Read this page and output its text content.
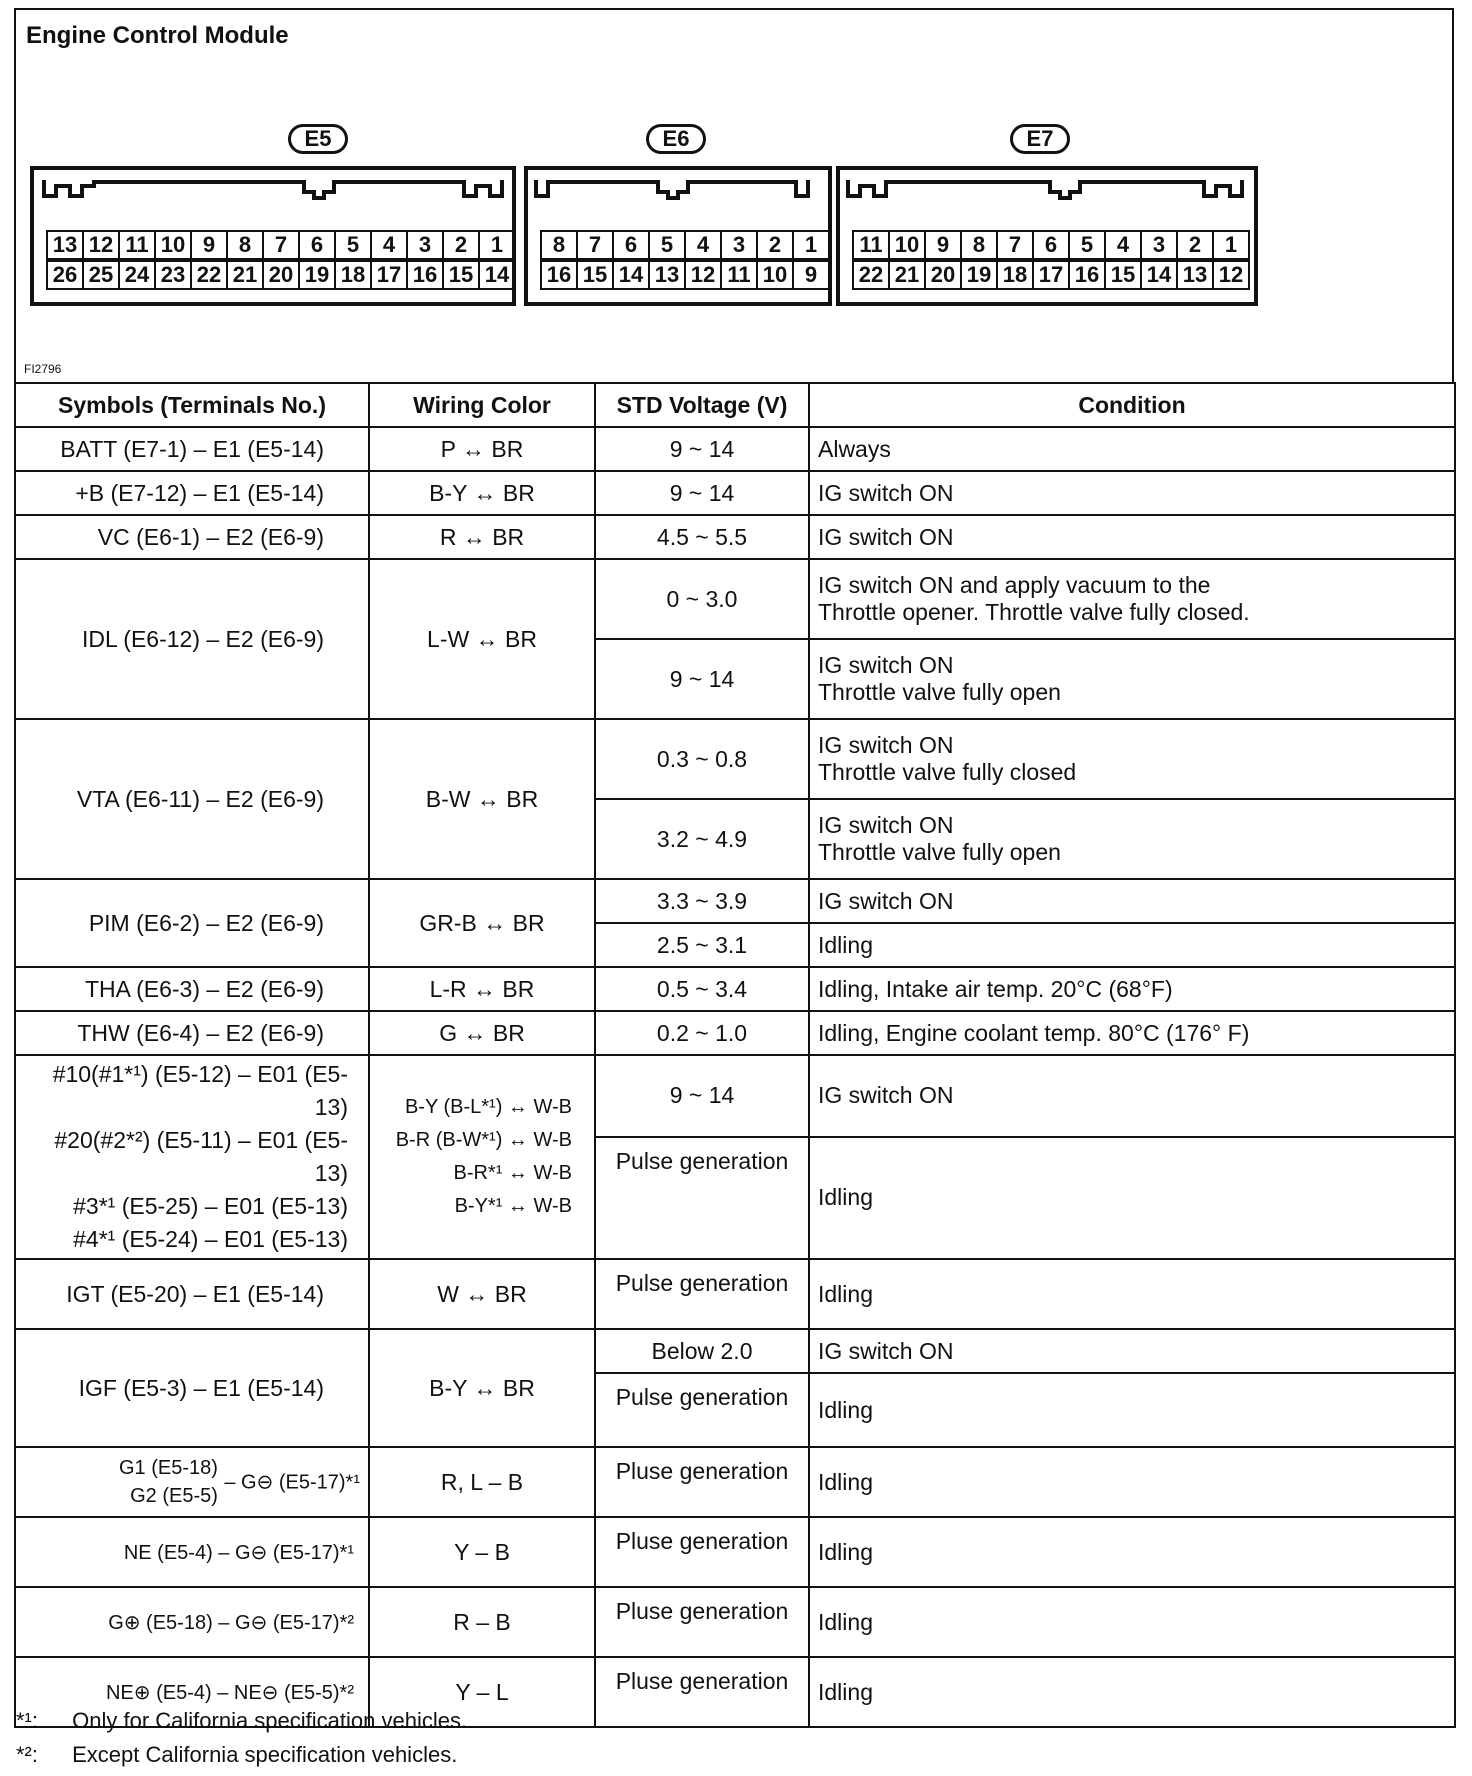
Engine Control Module
E5	E6	E7
13 12 11 10 9	8	7	6	5	4	3	2	1
26 25 24 23 22 21 20 19 18 17 16 15 14
8	7	6	5	4	3	2	1
16 15 14 13 12 11 10 9
11 10 9	8	7	6	5	4	3	2	1
22 21 20 19 18 17 16 15 14 13 12
FI2796
Symbols (Terminals No.)	Wiring Color	STD Voltage (V)	Condition
BATT (E7-1) – E1 (E5-14)	P ↔ BR	9 ~ 14	Always
+B (E7-12) – E1 (E5-14)	B-Y ↔ BR	9 ~ 14	IG switch ON
VC (E6-1) – E2 (E6-9)	R ↔ BR	4.5 ~ 5.5	IG switch ON
IDL (E6-12) – E2 (E6-9)	L-W ↔ BR	0 ~ 3.0	IG switch ON and apply vacuum to the
Throttle opener. Throttle valve fully closed.

		9 ~ 14	IG switch ON
Throttle valve fully open

VTA (E6-11) – E2 (E6-9)	B-W ↔ BR	0.3 ~ 0.8	IG switch ON
Throttle valve fully closed

		3.2 ~ 4.9	IG switch ON
Throttle valve fully open

PIM (E6-2) – E2 (E6-9)	GR-B ↔ BR	3.3 ~ 3.9	IG switch ON
		2.5 ~ 3.1	Idling
THA (E6-3) – E2 (E6-9)	L-R ↔ BR	0.5 ~ 3.4	Idling, Intake air temp. 20°C (68°F)
THW (E6-4) – E2 (E6-9)	G ↔ BR	0.2 ~ 1.0	Idling, Engine coolant temp. 80°C (176° F)

#10(#1*¹) (E5-12) – E01 (E5-13)
#20(#2*²) (E5-11) – E01 (E5-13)
#3*¹ (E5-25) – E01 (E5-13)
#4*¹ (E5-24) – E01 (E5-13)	B-Y (B-L*¹) ↔ W-B
B-R (B-W*¹) ↔ W-B
B-R*¹ ↔ W-B
B-Y*¹ ↔ W-B	9 ~ 14	IG switch ON
		Pulse generation	Idling
IGT (E5-20) – E1 (E5-14)	W ↔ BR	Pulse generation	Idling
IGF (E5-3) – E1 (E5-14)	B-Y ↔ BR	Below 2.0	IG switch ON
		Pulse generation	Idling

G1 (E5-18)
G2 (E5-5)
– G⊖ (E5-17)*¹	R, L – B	Pluse generation	Idling
NE (E5-4) – G⊖ (E5-17)*¹	Y – B	Pluse generation	Idling
G⊕ (E5-18) – G⊖ (E5-17)*²	R – B	Pluse generation	Idling
NE⊕ (E5-4) – NE⊖ (E5-5)*²	Y – L	Pluse generation	Idling
*¹: Only for California specification vehicles.
*²: Except California specification vehicles.
